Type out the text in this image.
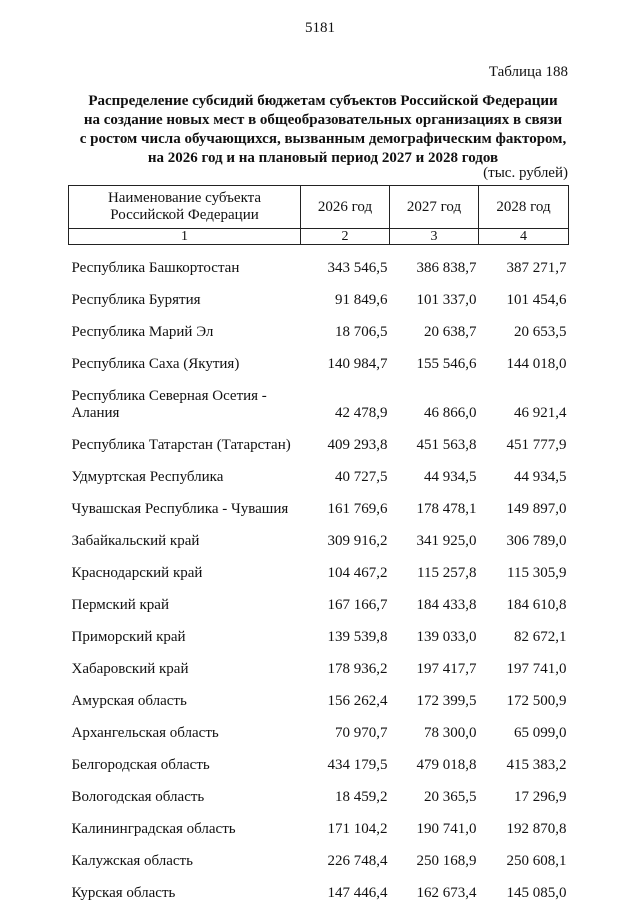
5181
Таблица 188
Распределение субсидий бюджетам субъектов Российской Федерации
на создание новых мест в общеобразовательных организациях в связи
с ростом числа обучающихся, вызванным демографическим фактором,
на 2026 год и на плановый период 2027 и 2028 годов
(тыс. рублей)
Наименование субъекта
Российской Федерации	2026 год	2027 год	2028 год
1	2	3	4
Республика Башкортостан	343 546,5	386 838,7	387 271,7
Республика Бурятия	91 849,6	101 337,0	101 454,6
Республика Марий Эл	18 706,5	20 638,7	20 653,5
Республика Саха (Якутия)	140 984,7	155 546,6	144 018,0

Республика Северная Осетия -
Алания	42 478,9	46 866,0	46 921,4
Республика Татарстан (Татарстан)	409 293,8	451 563,8	451 777,9
Удмуртская Республика	40 727,5	44 934,5	44 934,5
Чувашская Республика - Чувашия	161 769,6	178 478,1	149 897,0
Забайкальский край	309 916,2	341 925,0	306 789,0
Краснодарский край	104 467,2	115 257,8	115 305,9
Пермский край	167 166,7	184 433,8	184 610,8
Приморский край	139 539,8	139 033,0	82 672,1
Хабаровский край	178 936,2	197 417,7	197 741,0
Амурская область	156 262,4	172 399,5	172 500,9
Архангельская область	70 970,7	78 300,0	65 099,0
Белгородская область	434 179,5	479 018,8	415 383,2
Вологодская область	18 459,2	20 365,5	17 296,9
Калининградская область	171 104,2	190 741,0	192 870,8
Калужская область	226 748,4	250 168,9	250 608,1
Курская область	147 446,4	162 673,4	145 085,0
